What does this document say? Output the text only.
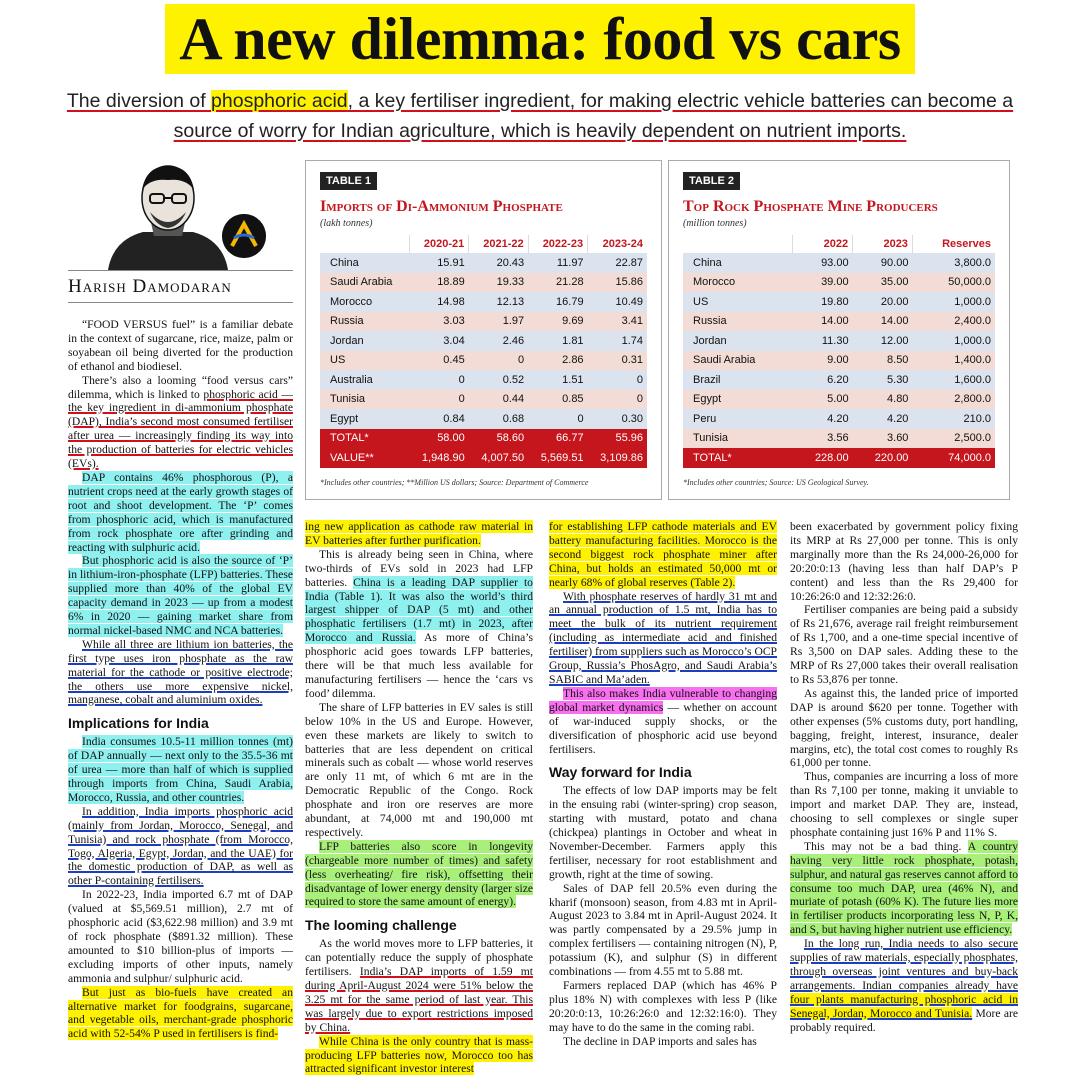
A new dilemma: food vs cars
The diversion of phosphoric acid, a key fertiliser ingredient, for making electric vehicle batteries can become a source of worry for Indian agriculture, which is heavily dependent on nutrient imports.
Harish Damodaran
TABLE 1
Imports of Di-Ammonium Phosphate
(lakh tonnes)
	2020-21	2021-22	2022-23	2023-24
China	15.91	20.43	11.97	22.87
Saudi Arabia	18.89	19.33	21.28	15.86
Morocco	14.98	12.13	16.79	10.49
Russia	3.03	1.97	9.69	3.41
Jordan	3.04	2.46	1.81	1.74
US	0.45	0	2.86	0.31
Australia	0	0.52	1.51	0
Tunisia	0	0.44	0.85	0
Egypt	0.84	0.68	0	0.30
TOTAL*	58.00	58.60	66.77	55.96
VALUE**	1,948.90	4,007.50	5,569.51	3,109.86
*Includes other countries; **Million US dollars; Source: Department of Commerce
TABLE 2
Top Rock Phosphate Mine Producers
(million tonnes)
	2022	2023	Reserves
China	93.00	90.00	3,800.0
Morocco	39.00	35.00	50,000.0
US	19.80	20.00	1,000.0
Russia	14.00	14.00	2,400.0
Jordan	11.30	12.00	1,000.0
Saudi Arabia	9.00	8.50	1,400.0
Brazil	6.20	5.30	1,600.0
Egypt	5.00	4.80	2,800.0
Peru	4.20	4.20	210.0
Tunisia	3.56	3.60	2,500.0
TOTAL*	228.00	220.00	74,000.0
*Includes other countries; Source: US Geological Survey.

“FOOD VERSUS fuel” is a familiar debate in the context of sugarcane, rice, maize, palm or soyabean oil being diverted for the production of ethanol and biodiesel.

There’s also a looming “food versus cars” dilemma, which is linked to phosphoric acid — the key ingredient in di-ammonium phosphate (DAP), India’s second most consumed fertiliser after urea — increasingly finding its way into the production of batteries for electric vehicles (EVs).

DAP contains 46% phosphorous (P), a nutrient crops need at the early growth stages of root and shoot development. The ‘P’ comes from phosphoric acid, which is manufactured from rock phosphate ore after grinding and reacting with sulphuric acid.

But phosphoric acid is also the source of ‘P’ in lithium-iron-phosphate (LFP) batteries. These supplied more than 40% of the global EV capacity demand in 2023 — up from a modest 6% in 2020 — gaining market share from normal nickel-based NMC and NCA batteries.

While all three are lithium ion batteries, the first type uses iron phosphate as the raw material for the cathode or positive electrode; the others use more expensive nickel, manganese, cobalt and aluminium oxides.

Implications for India

India consumes 10.5-11 million tonnes (mt) of DAP annually — next only to the 35.5-36 mt of urea — more than half of which is supplied through imports from China, Saudi Arabia, Morocco, Russia, and other countries.

In addition, India imports phosphoric acid (mainly from Jordan, Morocco, Senegal, and Tunisia) and rock phosphate (from Morocco, Togo, Algeria, Egypt, Jordan, and the UAE) for the domestic production of DAP, as well as other P-containing fertilisers.

In 2022-23, India imported 6.7 mt of DAP (valued at $5,569.51 million), 2.7 mt of phosphoric acid ($3,622.98 million) and 3.9 mt of rock phosphate ($891.32 million). These amounted to $10 billion-plus of imports — excluding imports of other inputs, namely ammonia and sulphur/ sulphuric acid.

But just as bio-fuels have created an alternative market for foodgrains, sugarcane, and vegetable oils, merchant-grade phosphoric acid with 52-54% P used in fertilisers is find-

ing new application as cathode raw material in EV batteries after further purification.

This is already being seen in China, where two-thirds of EVs sold in 2023 had LFP batteries. China is a leading DAP supplier to India (Table 1). It was also the world’s third largest shipper of DAP (5 mt) and other phosphatic fertilisers (1.7 mt) in 2023, after Morocco and Russia. As more of China’s phosphoric acid goes towards LFP batteries, there will be that much less available for manufacturing fertilisers — hence the ‘cars vs food’ dilemma.

The share of LFP batteries in EV sales is still below 10% in the US and Europe. However, even these markets are likely to switch to batteries that are less dependent on critical minerals such as cobalt — whose world reserves are only 11 mt, of which 6 mt are in the Democratic Republic of the Congo. Rock phosphate and iron ore reserves are more abundant, at 74,000 mt and 190,000 mt respectively.

LFP batteries also score in longevity (chargeable more number of times) and safety (less overheating/ fire risk), offsetting their disadvantage of lower energy density (larger size required to store the same amount of energy).

The looming challenge

As the world moves more to LFP batteries, it can potentially reduce the supply of phosphate fertilisers. India’s DAP imports of 1.59 mt during April-August 2024 were 51% below the 3.25 mt for the same period of last year. This was largely due to export restrictions imposed by China.

While China is the only country that is mass-producing LFP batteries now, Morocco too has attracted significant investor interest

for establishing LFP cathode materials and EV battery manufacturing facilities. Morocco is the second biggest rock phosphate miner after China, but holds an estimated 50,000 mt or nearly 68% of global reserves (Table 2).

With phosphate reserves of hardly 31 mt and an annual production of 1.5 mt, India has to meet the bulk of its nutrient requirement (including as intermediate acid and finished fertiliser) from suppliers such as Morocco’s OCP Group, Russia’s PhosAgro, and Saudi Arabia’s SABIC and Ma’aden.

This also makes India vulnerable to changing global market dynamics — whether on account of war-induced supply shocks, or the diversification of phosphoric acid use beyond fertilisers.

Way forward for India

The effects of low DAP imports may be felt in the ensuing rabi (winter-spring) crop season, starting with mustard, potato and chana (chickpea) plantings in October and wheat in November-December. Farmers apply this fertiliser, necessary for root establishment and growth, right at the time of sowing.

Sales of DAP fell 20.5% even during the kharif (monsoon) season, from 4.83 mt in April-August 2023 to 3.84 mt in April-August 2024. It was partly compensated by a 29.5% jump in complex fertilisers — containing nitrogen (N), P, potassium (K), and sulphur (S) in different combinations — from 4.55 mt to 5.88 mt.

Farmers replaced DAP (which has 46% P plus 18% N) with complexes with less P (like 20:20:0:13, 10:26:26:0 and 12:32:16:0). They may have to do the same in the coming rabi.

The decline in DAP imports and sales has

been exacerbated by government policy fixing its MRP at Rs 27,000 per tonne. This is only marginally more than the Rs 24,000-26,000 for 20:20:0:13 (having less than half DAP’s P content) and less than the Rs 29,400 for 10:26:26:0 and 12:32:26:0.

Fertiliser companies are being paid a subsidy of Rs 21,676, average rail freight reimbursement of Rs 1,700, and a one-time special incentive of Rs 3,500 on DAP sales. Adding these to the MRP of Rs 27,000 takes their overall realisation to Rs 53,876 per tonne.

As against this, the landed price of imported DAP is around $620 per tonne. Together with other expenses (5% customs duty, port handling, bagging, freight, interest, insurance, dealer margins, etc), the total cost comes to roughly Rs 61,000 per tonne.

Thus, companies are incurring a loss of more than Rs 7,100 per tonne, making it unviable to import and market DAP. They are, instead, choosing to sell complexes or single super phosphate containing just 16% P and 11% S.

This may not be a bad thing. A country having very little rock phosphate, potash, sulphur, and natural gas reserves cannot afford to consume too much DAP, urea (46% N), and muriate of potash (60% K). The future lies more in fertiliser products incorporating less N, P, K, and S, but having higher nutrient use efficiency.

In the long run, India needs to also secure supplies of raw materials, especially phosphates, through overseas joint ventures and buy-back arrangements. Indian companies already have four plants manufacturing phosphoric acid in Senegal, Jordan, Morocco and Tunisia. More are probably required.
